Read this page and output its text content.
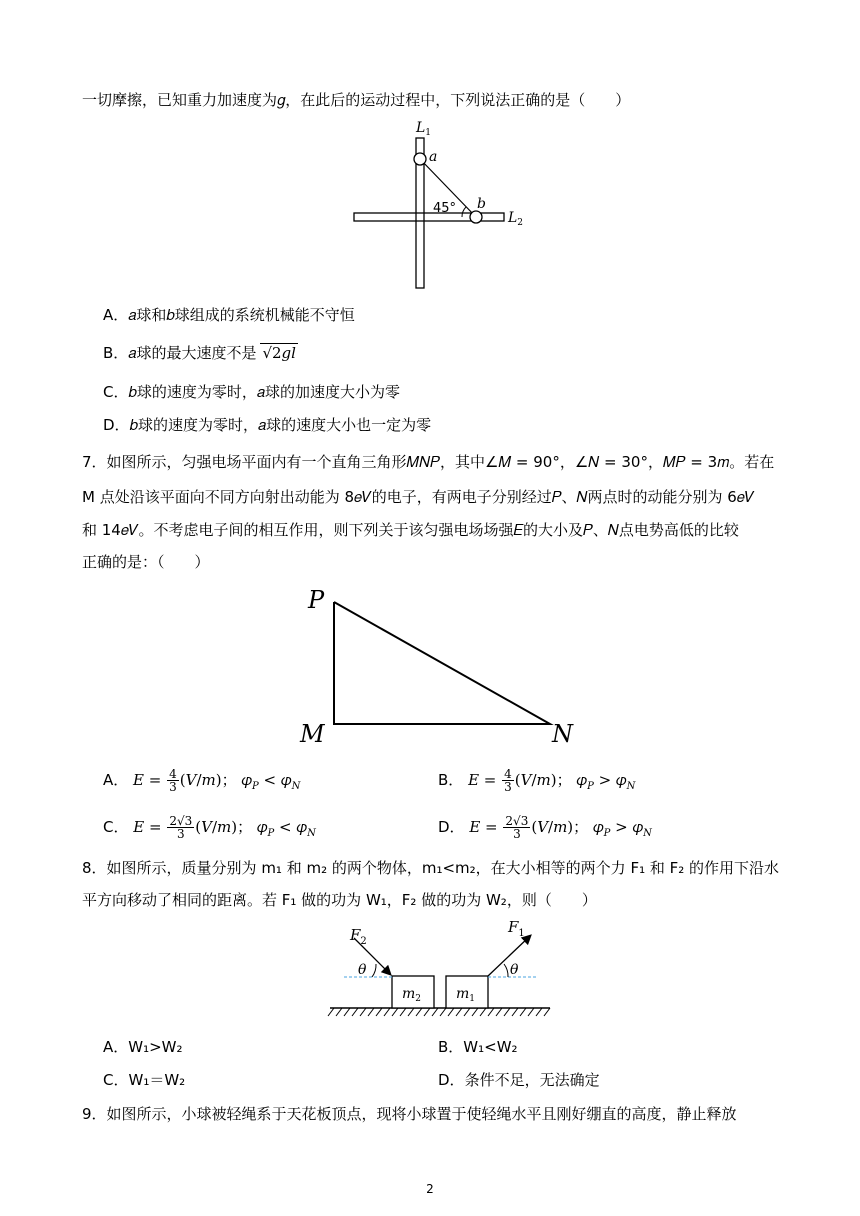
一切摩擦，已知重力加速度为𝑔，在此后的运动过程中，下列说法正确的是（　　）
$L_1$
a
b
45°
$L_2$
A．𝑎球和𝑏球组成的系统机械能不守恒
B．𝑎球的最大速度不是 √2𝑔𝑙
C．𝑏球的速度为零时，𝑎球的加速度大小为零
D．𝑏球的速度为零时，𝑎球的速度大小也一定为零
7．如图所示，匀强电场平面内有一个直角三角形𝑀𝑁𝑃，其中∠𝑀 = 90°，∠𝑁 = 30°，𝑀𝑃 = 3𝑚。若在
M 点处沿该平面向不同方向射出动能为 8𝑒𝑉的电子，有两电子分别经过𝑃、𝑁两点时的动能分别为 6𝑒𝑉
和 14𝑒𝑉。不考虑电子间的相互作用，则下列关于该匀强电场场强𝐸的大小及𝑃、𝑁点电势高低的比较
正确的是：（　　）
P
M	N
A． 𝐸 = $\frac{4}{3}$ (𝑉/𝑚)； 𝜑$_𝑃$ < 𝜑$_𝑁$	B． 𝐸 = $\frac{4}{3}$ (𝑉/𝑚)； 𝜑$_𝑃$ > 𝜑$_𝑁$
C． 𝐸 = $\frac{2√3}{3}$ (𝑉/𝑚)； 𝜑$_𝑃$ < 𝜑$_𝑁$	D． 𝐸 = $\frac{2√3}{3}$ (𝑉/𝑚)； 𝜑$_𝑃$ > 𝜑$_𝑁$
8．如图所示，质量分别为 m₁ 和 m₂ 的两个物体，m₁<m₂，在大小相等的两个力 F₁ 和 F₂ 的作用下沿水
平方向移动了相同的距离。若 F₁ 做的功为 W₁，F₂ 做的功为 W₂，则（　　）
$F_2$
θ
$F_1$
θ
$m_2$ $m_1$
A．W₁>W₂	B．W₁<W₂
C．W₁＝W₂	D．条件不足，无法确定
9．如图所示，小球被轻绳系于天花板顶点，现将小球置于使轻绳水平且刚好绷直的高度，静止释放
2
